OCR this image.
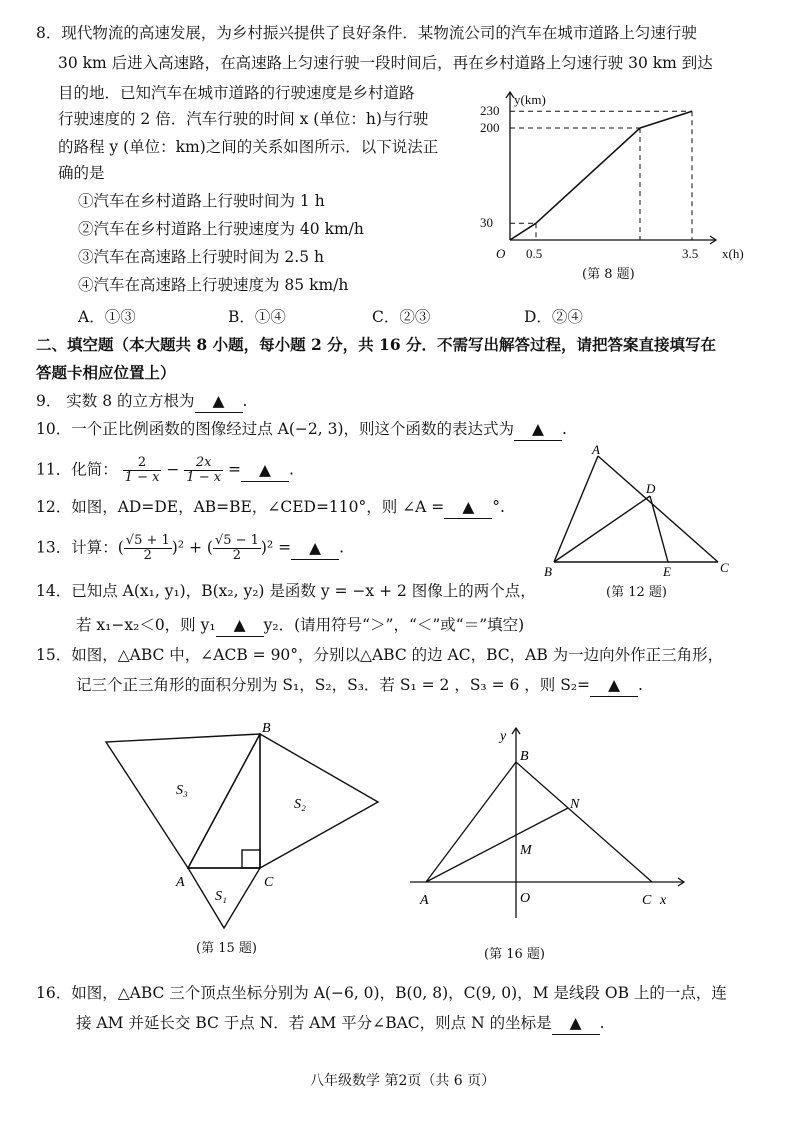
8．现代物流的高速发展，为乡村振兴提供了良好条件．某物流公司的汽车在城市道路上匀速行驶
30 km 后进入高速路，在高速路上匀速行驶一段时间后，再在乡村道路上匀速行驶 30 km 到达
目的地．已知汽车在城市道路的行驶速度是乡村道路
行驶速度的 2 倍．汽车行驶的时间 x (单位：h)与行驶
的路程 y (单位：km)之间的关系如图所示．以下说法正
确的是
①汽车在乡村道路上行驶时间为 1 h
②汽车在乡村道路上行驶速度为 40 km/h
③汽车在高速路上行驶时间为 2.5 h
④汽车在高速路上行驶速度为 85 km/h
A．①③	B．①④	C．②③	D．②④
30
200
230
0.5	3.5
O
y(km)
x(h)
(第 8 题)
二、填空题（本大题共 8 小题，每小题 2 分，共 16 分．不需写出解答过程，请把答案直接填写在
答题卡相应位置上）
9． 实数 8 的立方根为 ▲ .
10．一个正比例函数的图像经过点 A(−2, 3)，则这个函数的表达式为 ▲ .
11．化简： $\frac{2}{1 - x} - \frac{2x}{1 - x}$ = ▲ .
12．如图，AD=DE，AB=BE，∠CED=110°，则 ∠A = ▲ °.
13．计算：( $\frac{√5 + 1}{2} )^2$ + ( $\frac{√5 - 1}{2} )^2$ = ▲ .
A
B	C
D
E
(第 12 题)
14．已知点 A(x₁, y₁)，B(x₂, y₂) 是函数 y = −x + 2 图像上的两个点，
若 x₁−x₂＜0，则 y₁ ▲ y₂．(请用符号“＞”，“＜”或“＝”填空)
15．如图，△ABC 中，∠ACB = 90°，分别以△ABC 的边 AC，BC，AB 为一边向外作正三角形，
记三个正三角形的面积分别为 S₁，S₂，S₃．若 S₁ = 2 ，S₃ = 6 ，则 S₂= ▲ .
A
B
C
S₁
S₂
S₃
(第 15 题)
A
B
C
M
N
O	x
y
(第 16 题)
16．如图，△ABC 三个顶点坐标分别为 A(−6, 0)，B(0, 8)，C(9, 0)，M 是线段 OB 上的一点，连
接 AM 并延长交 BC 于点 N．若 AM 平分∠BAC，则点 N 的坐标是 ▲ .
八年级数学 第2页（共 6 页）
